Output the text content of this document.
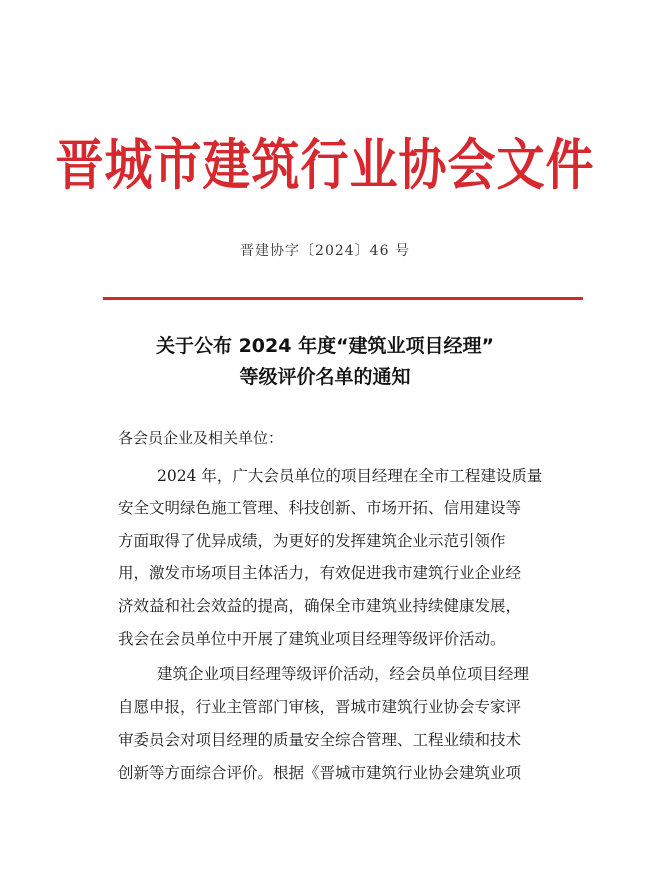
晋城市建筑行业协会文件
晋建协字〔2024〕46 号
关于公布 2024 年度“建筑业项目经理”
等级评价名单的通知
各会员企业及相关单位：
2024 年，广大会员单位的项目经理在全市工程建设质量
安全文明绿色施工管理、科技创新、市场开拓、信用建设等
方面取得了优异成绩，为更好的发挥建筑企业示范引领作
用，激发市场项目主体活力，有效促进我市建筑行业企业经
济效益和社会效益的提高，确保全市建筑业持续健康发展，
我会在会员单位中开展了建筑业项目经理等级评价活动。
建筑企业项目经理等级评价活动，经会员单位项目经理
自愿申报，行业主管部门审核，晋城市建筑行业协会专家评
审委员会对项目经理的质量安全综合管理、工程业绩和技术
创新等方面综合评价。根据《晋城市建筑行业协会建筑业项
